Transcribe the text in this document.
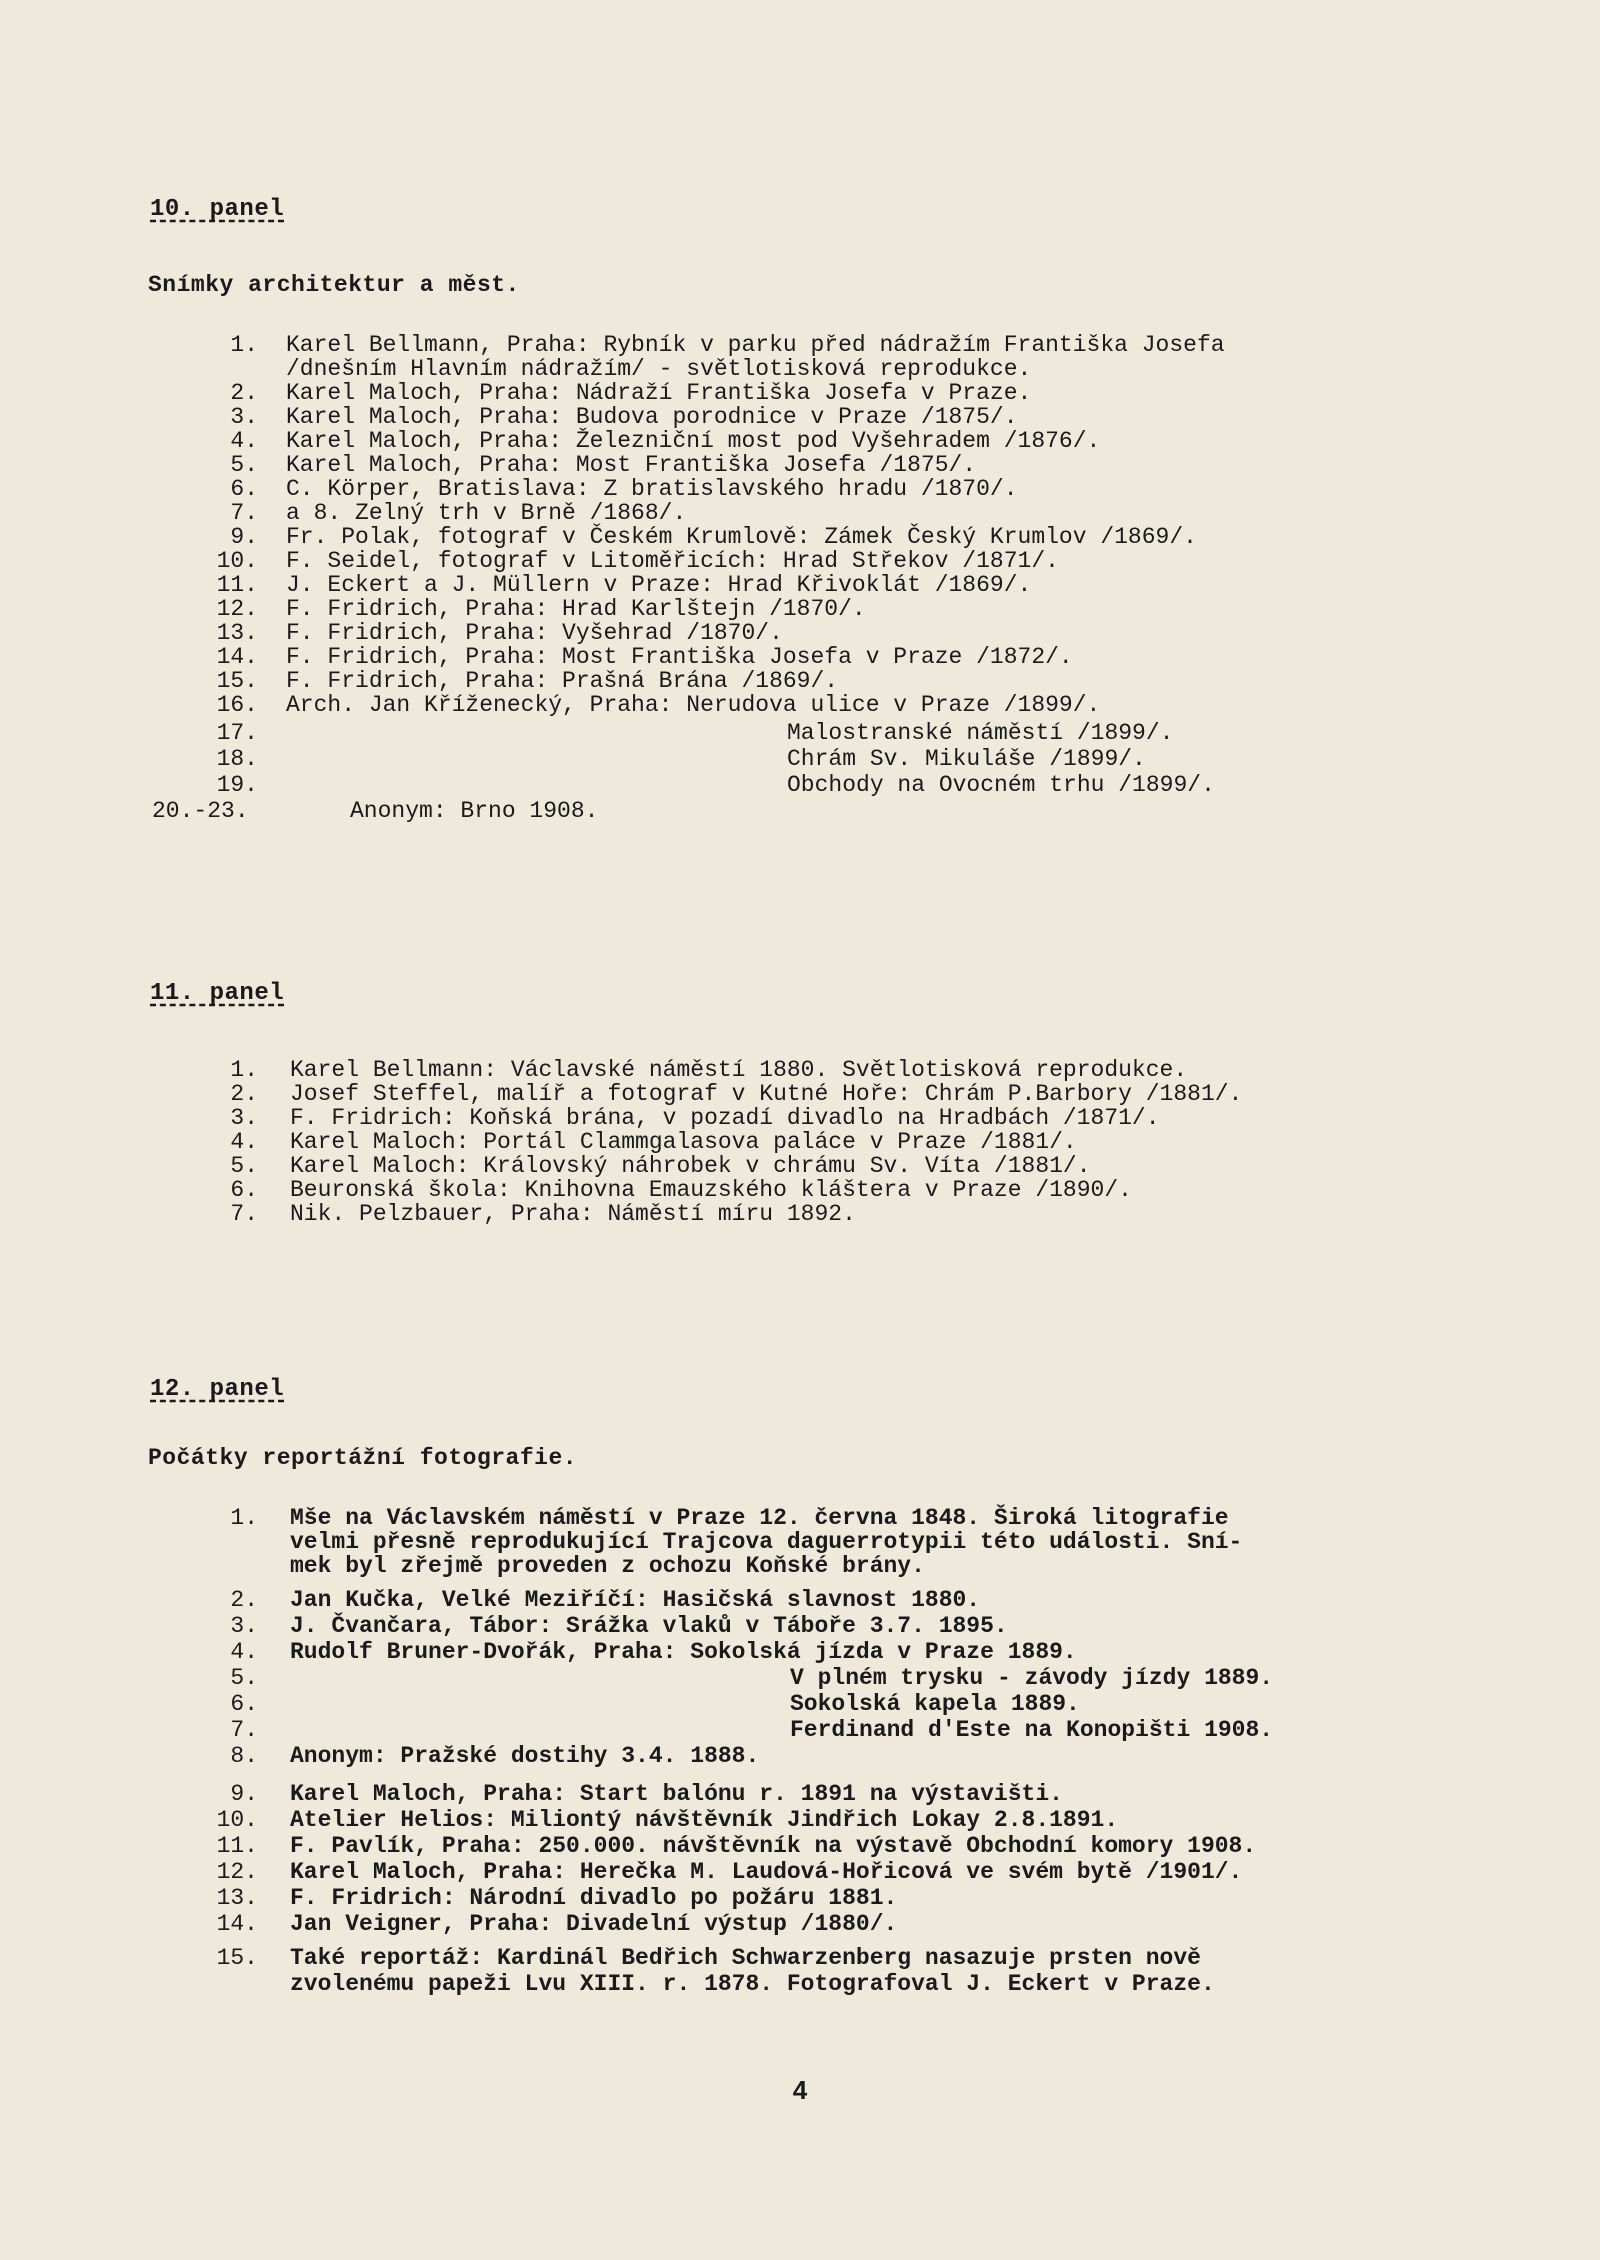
10. panel
Snímky architektur a měst.
1. Karel Bellmann, Praha: Rybník v parku před nádražím Františka Josefa
/dnešním Hlavním nádražím/ - světlotisková reprodukce.
2. Karel Maloch, Praha: Nádraží Františka Josefa v Praze.
3. Karel Maloch, Praha: Budova porodnice v Praze /1875/.
4. Karel Maloch, Praha: Železniční most pod Vyšehradem /1876/.
5. Karel Maloch, Praha: Most Františka Josefa /1875/.
6. C. Körper, Bratislava: Z bratislavského hradu /1870/.
7. a 8. Zelný trh v Brně /1868/.
9. Fr. Polak, fotograf v Českém Krumlově: Zámek Český Krumlov /1869/.
10. F. Seidel, fotograf v Litoměřicích: Hrad Střekov /1871/.
11. J. Eckert a J. Müllern v Praze: Hrad Křivoklát /1869/.
12. F. Fridrich, Praha: Hrad Karlštejn /1870/.
13. F. Fridrich, Praha: Vyšehrad /1870/.
14. F. Fridrich, Praha: Most Františka Josefa v Praze /1872/.
15. F. Fridrich, Praha: Prašná Brána /1869/.
16. Arch. Jan Kříženecký, Praha: Nerudova ulice v Praze /1899/.
17.	Malostranské náměstí /1899/.
18.	Chrám Sv. Mikuláše /1899/.
19.	Obchody na Ovocném trhu /1899/.
20.-23.	Anonym: Brno 1908.
11. panel
1. Karel Bellmann: Václavské náměstí 1880. Světlotisková reprodukce.
2. Josef Steffel, malíř a fotograf v Kutné Hoře: Chrám P.Barbory /1881/.
3. F. Fridrich: Koňská brána, v pozadí divadlo na Hradbách /1871/.
4. Karel Maloch: Portál Clammgalasova paláce v Praze /1881/.
5. Karel Maloch: Královský náhrobek v chrámu Sv. Víta /1881/.
6. Beuronská škola: Knihovna Emauzského kláštera v Praze /1890/.
7. Nik. Pelzbauer, Praha: Náměstí míru 1892.
12. panel
Počátky reportážní fotografie.
1. Mše na Václavském náměstí v Praze 12. června 1848. Široká litografie
velmi přesně reprodukující Trajcova daguerrotypii této události. Sní-
mek byl zřejmě proveden z ochozu Koňské brány.
2. Jan Kučka, Velké Meziříčí: Hasičská slavnost 1880.
3. J. Čvančara, Tábor: Srážka vlaků v Táboře 3.7. 1895.
4. Rudolf Bruner-Dvořák, Praha: Sokolská jízda v Praze 1889.
5.	V plném trysku - závody jízdy 1889.
6.	Sokolská kapela 1889.
7.	Ferdinand d'Este na Konopišti 1908.
8. Anonym: Pražské dostihy 3.4. 1888.
9. Karel Maloch, Praha: Start balónu r. 1891 na výstavišti.
10. Atelier Helios: Miliontý návštěvník Jindřich Lokay 2.8.1891.
11. F. Pavlík, Praha: 250.000. návštěvník na výstavě Obchodní komory 1908.
12. Karel Maloch, Praha: Herečka M. Laudová-Hořicová ve svém bytě /1901/.
13. F. Fridrich: Národní divadlo po požáru 1881.
14. Jan Veigner, Praha: Divadelní výstup /1880/.
15. Také reportáž: Kardinál Bedřich Schwarzenberg nasazuje prsten nově
zvolenému papeži Lvu XIII. r. 1878. Fotografoval J. Eckert v Praze.
4
